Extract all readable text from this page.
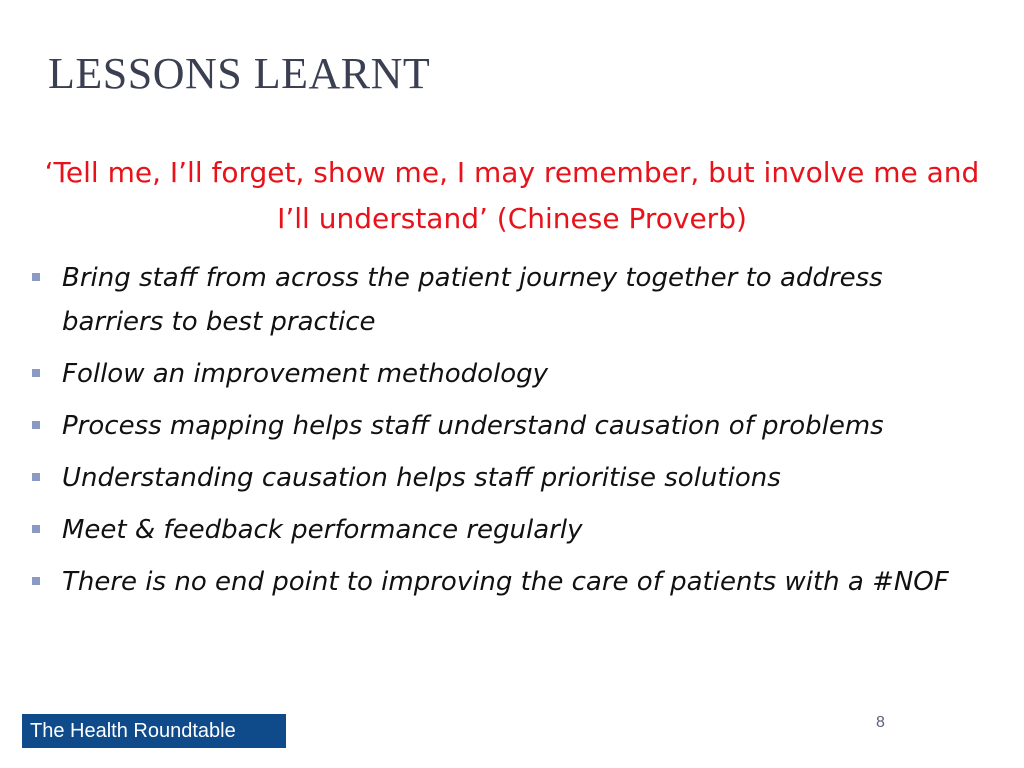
LESSONS LEARNT
‘Tell me, I’ll forget, show me, I may remember, but involve me and I’ll understand’ (Chinese Proverb)
Bring staff from across the patient journey together to address barriers to best practice
Follow an improvement methodology
Process mapping helps staff understand causation of problems
Understanding causation helps staff prioritise solutions
Meet & feedback performance regularly
There is no end point to improving the care of patients with a #NOF
The Health Roundtable	8
